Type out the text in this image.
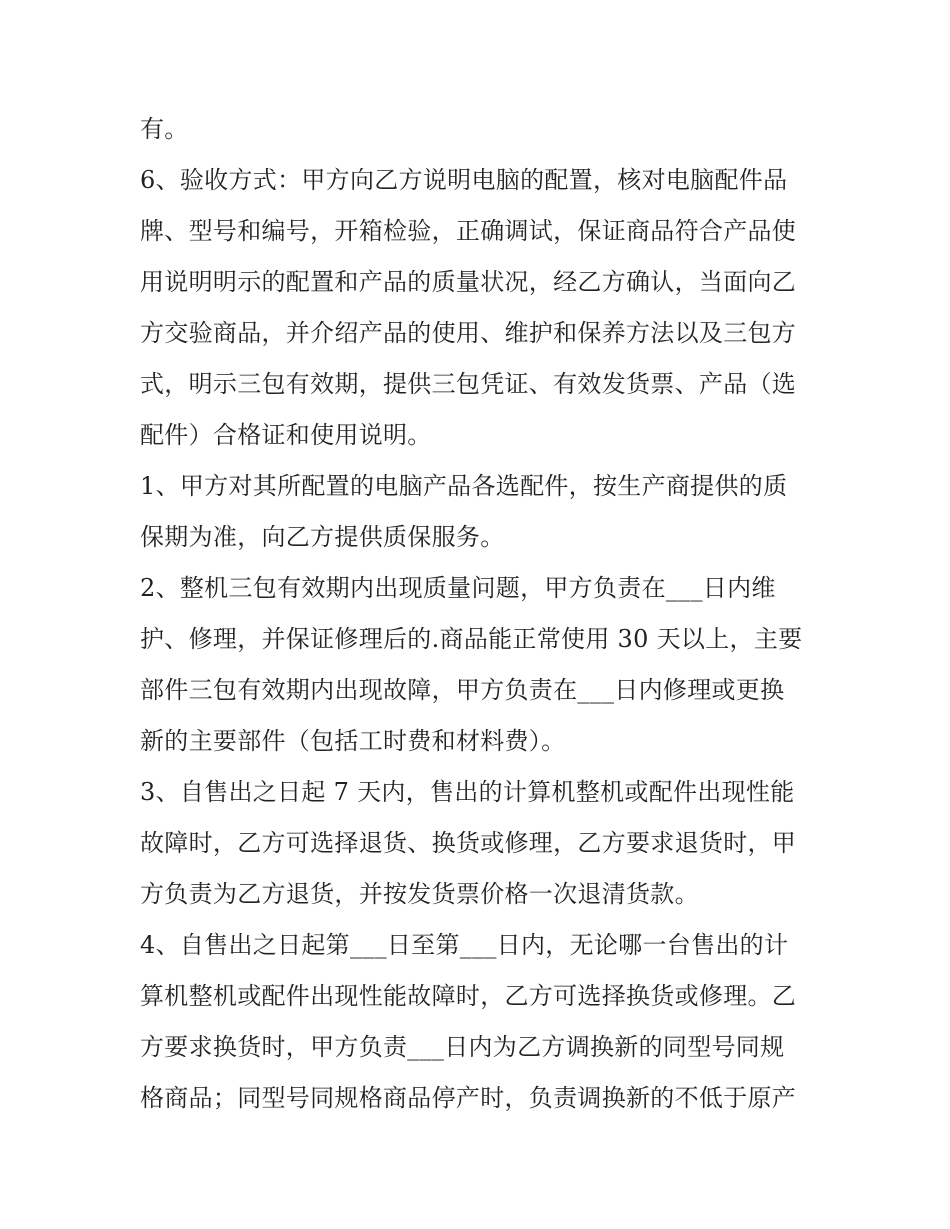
有。
6、验收方式：甲方向乙方说明电脑的配置，核对电脑配件品
牌、型号和编号，开箱检验，正确调试，保证商品符合产品使
用说明明示的配置和产品的质量状况，经乙方确认，当面向乙
方交验商品，并介绍产品的使用、维护和保养方法以及三包方
式，明示三包有效期，提供三包凭证、有效发货票、产品（选
配件）合格证和使用说明。
1、甲方对其所配置的电脑产品各选配件，按生产商提供的质
保期为准，向乙方提供质保服务。
2、整机三包有效期内出现质量问题，甲方负责在___日内维
护、修理，并保证修理后的.商品能正常使用 30 天以上，主要
部件三包有效期内出现故障，甲方负责在___日内修理或更换
新的主要部件（包括工时费和材料费）。
3、自售出之日起 7 天内，售出的计算机整机或配件出现性能
故障时，乙方可选择退货、换货或修理，乙方要求退货时，甲
方负责为乙方退货，并按发货票价格一次退清货款。
4、自售出之日起第___日至第___日内，无论哪一台售出的计
算机整机或配件出现性能故障时，乙方可选择换货或修理。乙
方要求换货时，甲方负责___日内为乙方调换新的同型号同规
格商品；同型号同规格商品停产时，负责调换新的不低于原产
